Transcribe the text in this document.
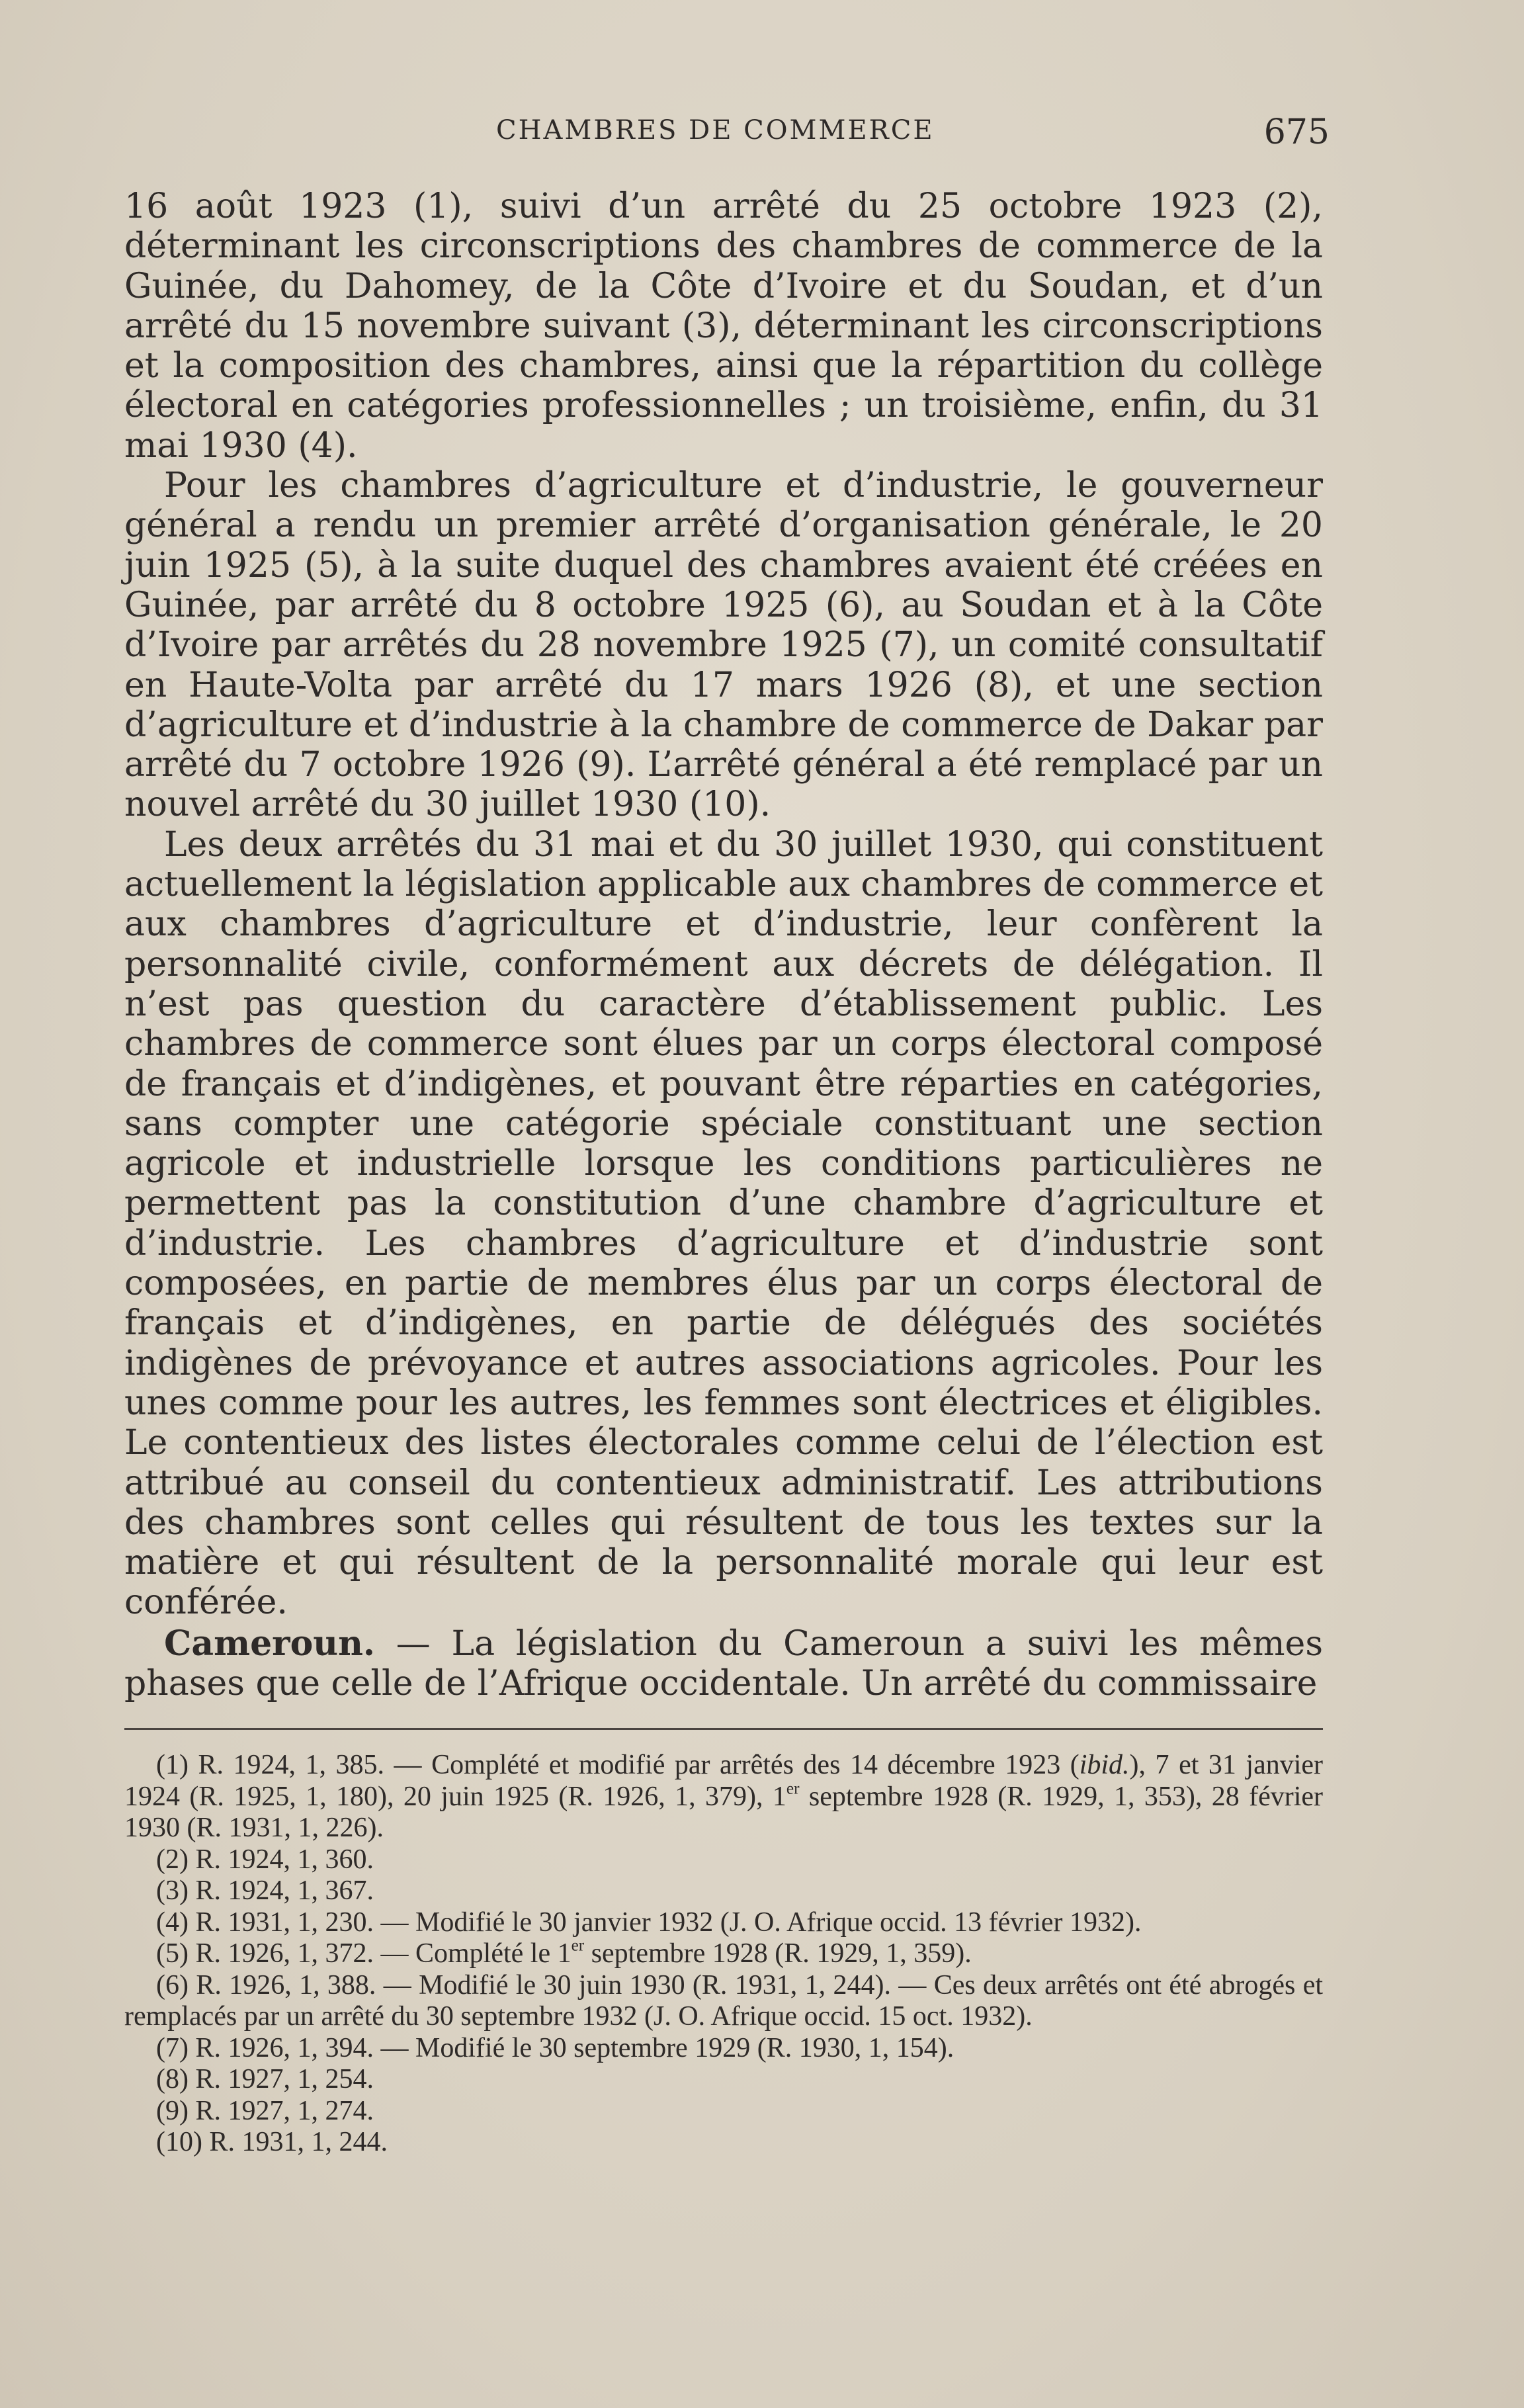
CHAMBRES DE COMMERCE	675

16 août 1923 (1), suivi d’un arrêté du 25 octobre 1923 (2), déterminant les circonscriptions des chambres de commerce de la Guinée, du Dahomey, de la Côte d’Ivoire et du Soudan, et d’un arrêté du 15 novembre suivant (3), déterminant les circonscriptions et la composition des chambres, ainsi que la répartition du collège électoral en catégories professionnelles ; un troisième, enfin, du 31 mai 1930 (4).

Pour les chambres d’agriculture et d’industrie, le gouverneur général a rendu un premier arrêté d’organisation générale, le 20 juin 1925 (5), à la suite duquel des chambres avaient été créées en Guinée, par arrêté du 8 octobre 1925 (6), au Soudan et à la Côte d’Ivoire par arrêtés du 28 novembre 1925 (7), un comité consultatif en Haute-Volta par arrêté du 17 mars 1926 (8), et une section d’agriculture et d’industrie à la chambre de commerce de Dakar par arrêté du 7 octobre 1926 (9). L’arrêté général a été remplacé par un nouvel arrêté du 30 juillet 1930 (10).

Les deux arrêtés du 31 mai et du 30 juillet 1930, qui constituent actuellement la législation applicable aux chambres de commerce et aux chambres d’agriculture et d’industrie, leur confèrent la personnalité civile, conformément aux décrets de délégation. Il n’est pas question du caractère d’établissement public. Les chambres de commerce sont élues par un corps électoral composé de français et d’indigènes, et pouvant être réparties en catégories, sans compter une catégorie spéciale constituant une section agricole et industrielle lorsque les conditions particulières ne permettent pas la constitution d’une chambre d’agriculture et d’industrie. Les chambres d’agriculture et d’industrie sont composées, en partie de membres élus par un corps électoral de français et d’indigènes, en partie de délégués des sociétés indigènes de prévoyance et autres associations agricoles. Pour les unes comme pour les autres, les femmes sont électrices et éligibles. Le contentieux des listes électorales comme celui de l’élection est attribué au conseil du contentieux administratif. Les attributions des chambres sont celles qui résultent de tous les textes sur la matière et qui résultent de la personnalité morale qui leur est conférée.

Cameroun. — La législation du Cameroun a suivi les mêmes phases que celle de l’Afrique occidentale. Un arrêté du commissaire

(1) R. 1924, 1, 385. — Complété et modifié par arrêtés des 14 décembre 1923 (ibid.), 7 et 31 janvier 1924 (R. 1925, 1, 180), 20 juin 1925 (R. 1926, 1, 379), 1er septembre 1928 (R. 1929, 1, 353), 28 février 1930 (R. 1931, 1, 226).

(2) R. 1924, 1, 360.

(3) R. 1924, 1, 367.

(4) R. 1931, 1, 230. — Modifié le 30 janvier 1932 (J. O. Afrique occid. 13 février 1932).

(5) R. 1926, 1, 372. — Complété le 1er septembre 1928 (R. 1929, 1, 359).

(6) R. 1926, 1, 388. — Modifié le 30 juin 1930 (R. 1931, 1, 244). — Ces deux arrêtés ont été abrogés et remplacés par un arrêté du 30 septembre 1932 (J. O. Afrique occid. 15 oct. 1932).

(7) R. 1926, 1, 394. — Modifié le 30 septembre 1929 (R. 1930, 1, 154).

(8) R. 1927, 1, 254.

(9) R. 1927, 1, 274.

(10) R. 1931, 1, 244.
